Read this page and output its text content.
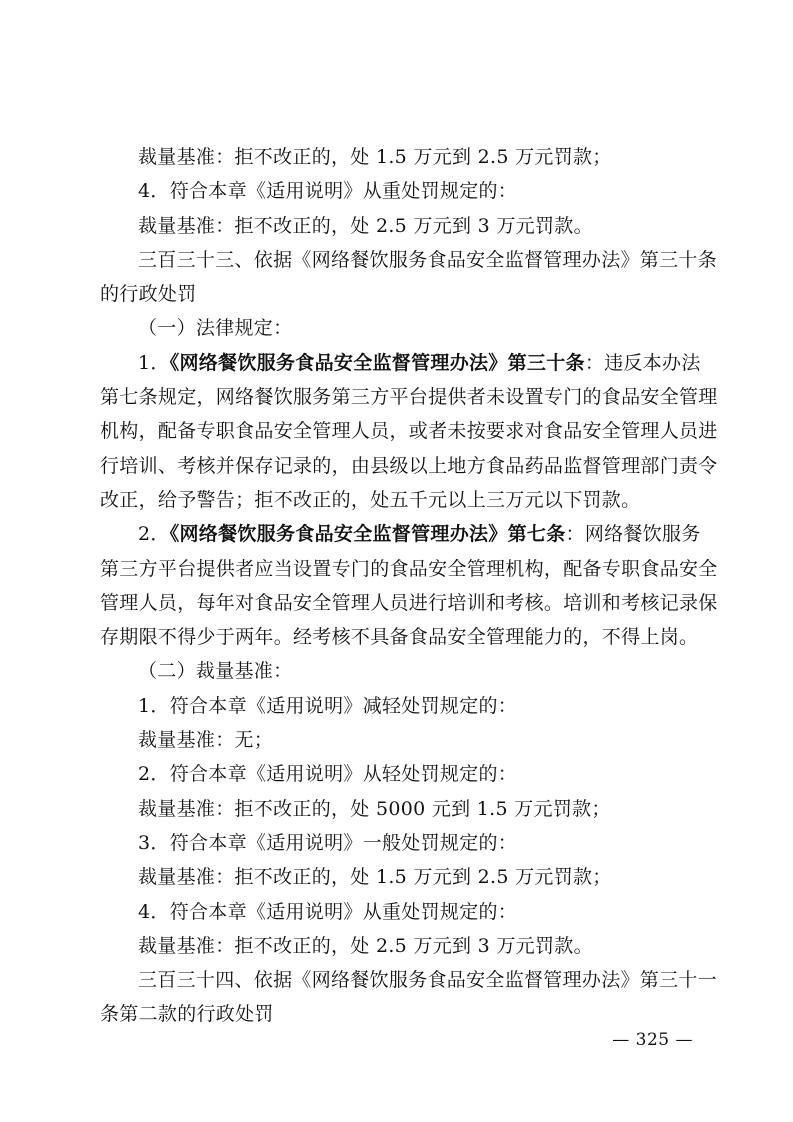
裁量基准：拒不改正的，处 1.5 万元到 2.5 万元罚款；
4．符合本章《适用说明》从重处罚规定的：
裁量基准：拒不改正的，处 2.5 万元到 3 万元罚款。
三百三十三、依据《网络餐饮服务食品安全监督管理办法》第三十条
的行政处罚
（一）法律规定：
1．《网络餐饮服务食品安全监督管理办法》第三十条：违反本办法
第七条规定，网络餐饮服务第三方平台提供者未设置专门的食品安全管理
机构，配备专职食品安全管理人员，或者未按要求对食品安全管理人员进
行培训、考核并保存记录的，由县级以上地方食品药品监督管理部门责令
改正，给予警告；拒不改正的，处五千元以上三万元以下罚款。
2．《网络餐饮服务食品安全监督管理办法》第七条：网络餐饮服务
第三方平台提供者应当设置专门的食品安全管理机构，配备专职食品安全
管理人员，每年对食品安全管理人员进行培训和考核。培训和考核记录保
存期限不得少于两年。经考核不具备食品安全管理能力的，不得上岗。
（二）裁量基准：
1．符合本章《适用说明》减轻处罚规定的：
裁量基准：无；
2．符合本章《适用说明》从轻处罚规定的：
裁量基准：拒不改正的，处 5000 元到 1.5 万元罚款；
3．符合本章《适用说明》一般处罚规定的：
裁量基准：拒不改正的，处 1.5 万元到 2.5 万元罚款；
4．符合本章《适用说明》从重处罚规定的：
裁量基准：拒不改正的，处 2.5 万元到 3 万元罚款。
三百三十四、依据《网络餐饮服务食品安全监督管理办法》第三十一
条第二款的行政处罚
— 325 —
